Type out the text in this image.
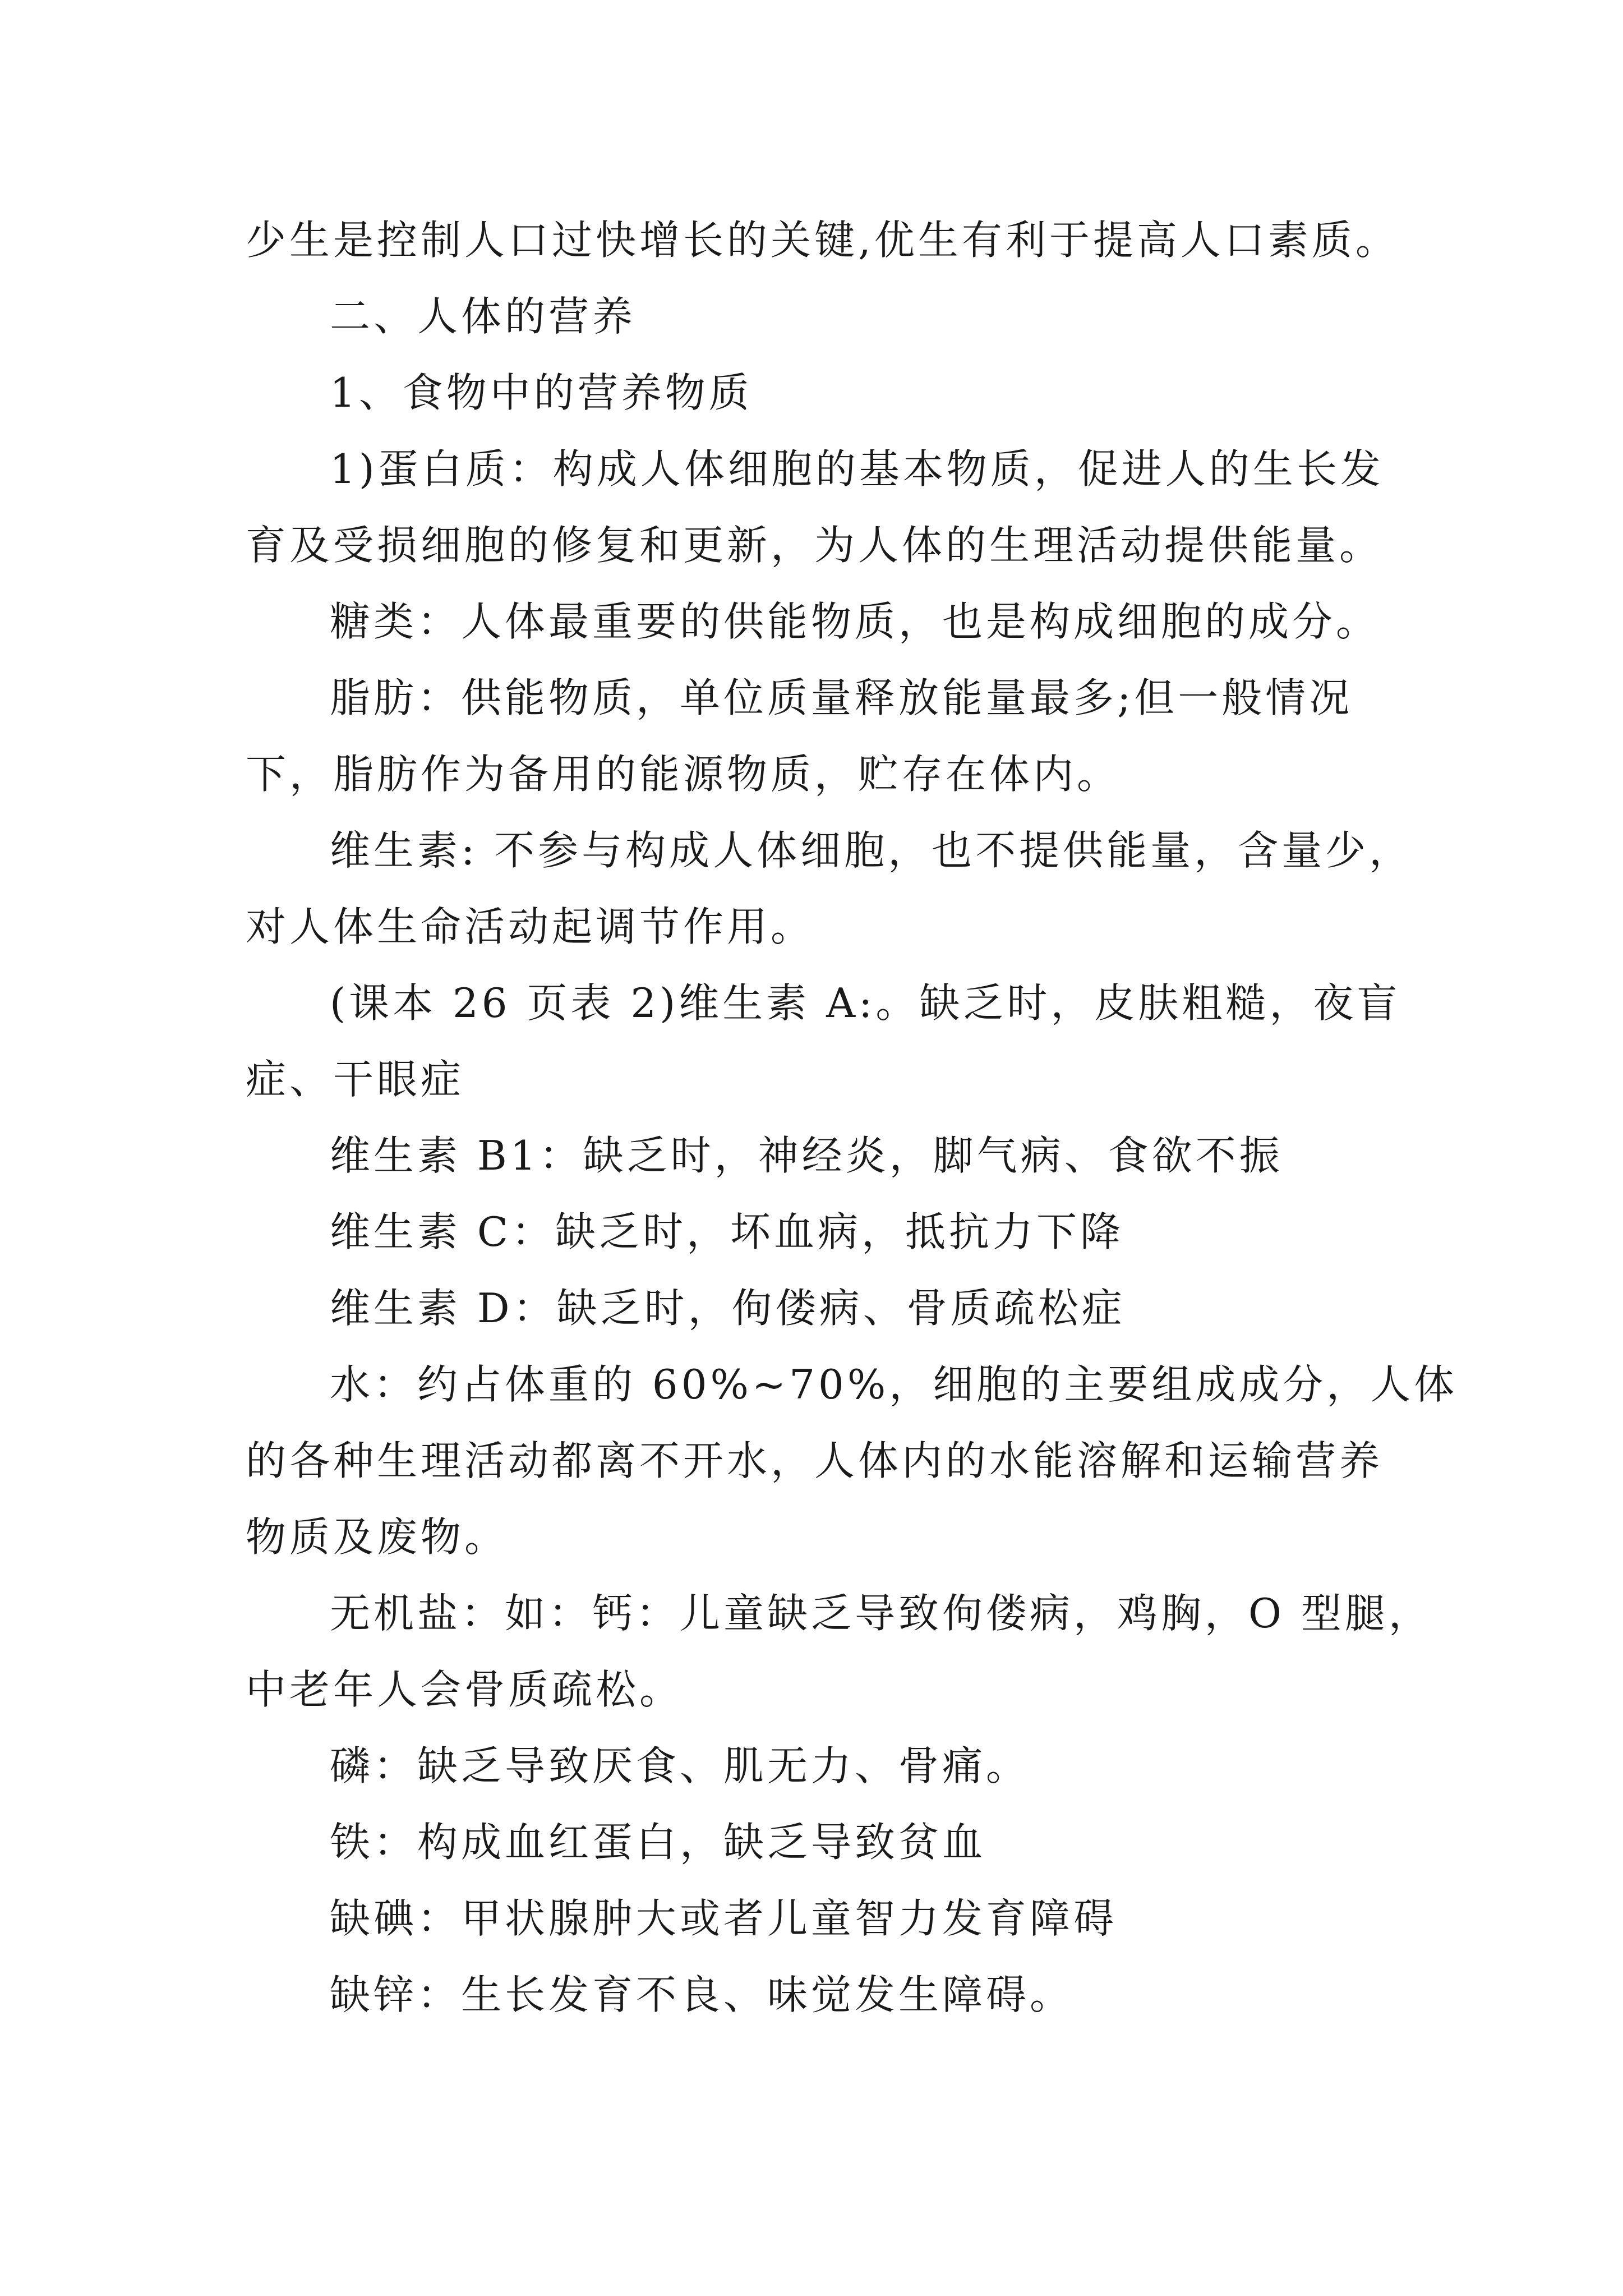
少生是控制人口过快增长的关键,优生有利于提高人口素质。
二、人体的营养
1、食物中的营养物质
1)蛋白质：构成人体细胞的基本物质，促进人的生长发
育及受损细胞的修复和更新，为人体的生理活动提供能量。
糖类：人体最重要的供能物质，也是构成细胞的成分。
脂肪：供能物质，单位质量释放能量最多;但一般情况
下，脂肪作为备用的能源物质，贮存在体内。
维生素: 不参与构成人体细胞，也不提供能量，含量少，
对人体生命活动起调节作用。
(课本 26 页表 2)维生素 A:。缺乏时，皮肤粗糙，夜盲
症、干眼症
维生素 B1：缺乏时，神经炎，脚气病、食欲不振
维生素 C：缺乏时，坏血病，抵抗力下降
维生素 D：缺乏时，佝偻病、骨质疏松症
水：约占体重的 60%~70%，细胞的主要组成成分，人体
的各种生理活动都离不开水，人体内的水能溶解和运输营养
物质及废物。
无机盐：如：钙：儿童缺乏导致佝偻病，鸡胸，O 型腿，
中老年人会骨质疏松。
磷：缺乏导致厌食、肌无力、骨痛。
铁：构成血红蛋白，缺乏导致贫血
缺碘：甲状腺肿大或者儿童智力发育障碍
缺锌：生长发育不良、味觉发生障碍。
